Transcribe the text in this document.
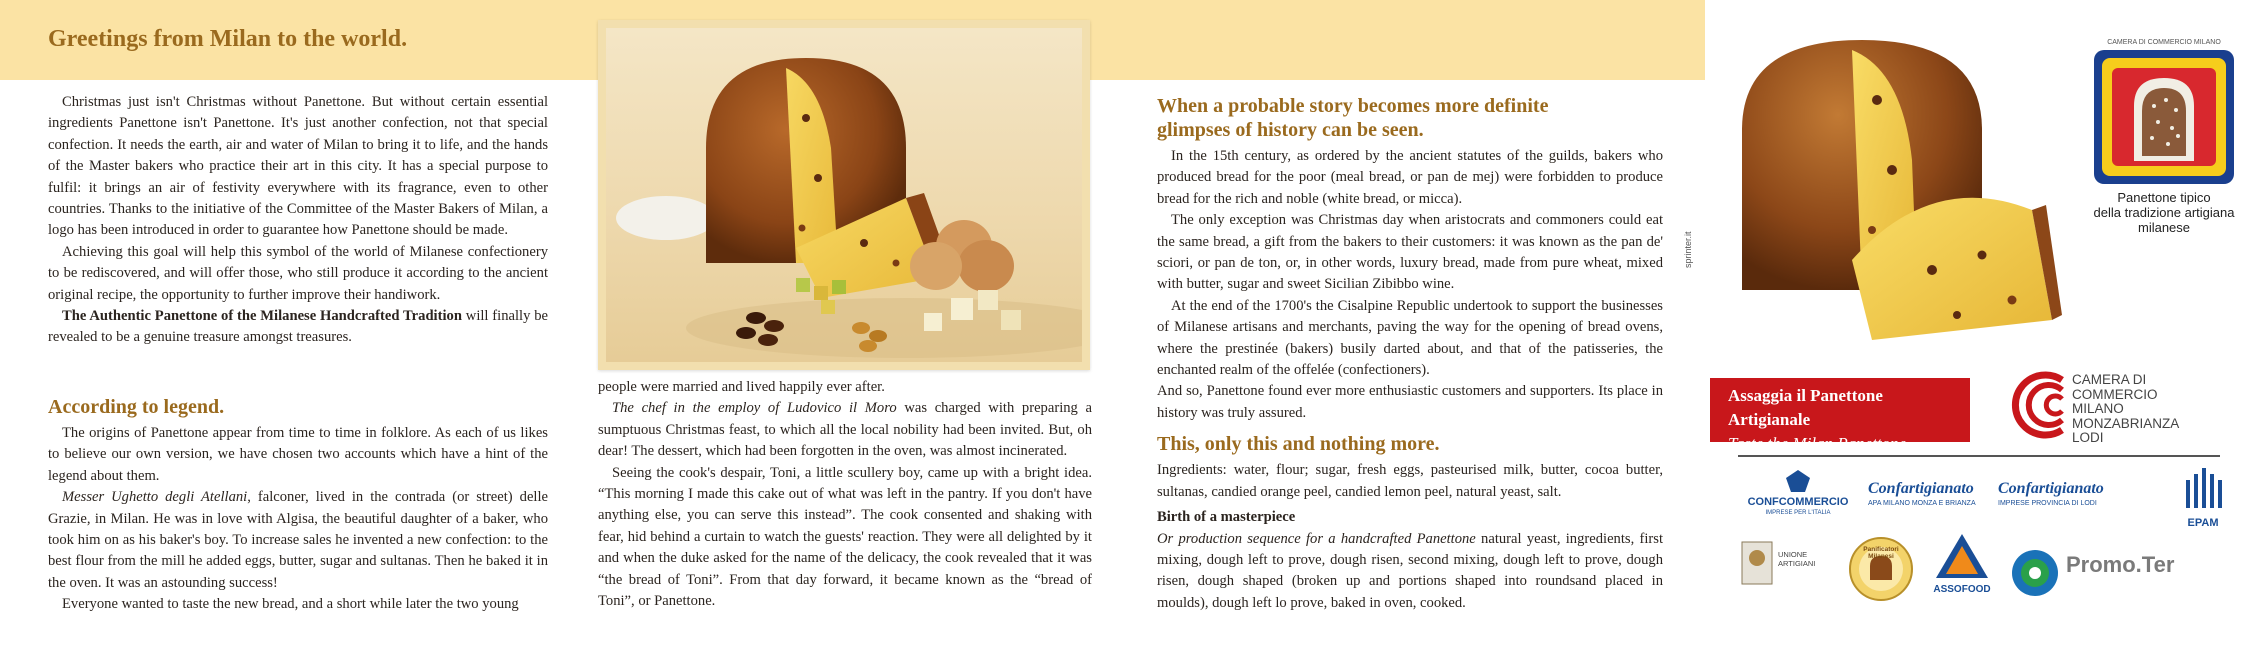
Greetings from Milan to the world.

Christmas just isn't Christmas without Panettone. But without certain essential ingredients Panettone isn't Panettone. It's just another confection, not that special confection. It needs the earth, air and water of Milan to bring it to life, and the hands of the Master bakers who practice their art in this city. It has a special purpose to fulfil: it brings an air of festivity everywhere with its fragrance, even to other countries. Thanks to the initiative of the Committee of the Master Bakers of Milan, a logo has been introduced in order to guarantee how Panettone should be made.

Achieving this goal will help this symbol of the world of Milanese confectionery to be rediscovered, and will offer those, who still produce it according to the ancient original recipe, the opportunity to further improve their handiwork.

The Authentic Panettone of the Milanese Handcrafted Tradition will finally be revealed to be a genuine treasure amongst treasures.

According to legend.

The origins of Panettone appear from time to time in folklore. As each of us likes to believe our own version, we have chosen two accounts which have a hint of the legend about them.

Messer Ughetto degli Atellani, falconer, lived in the contrada (or street) delle Grazie, in Milan. He was in love with Algisa, the beautiful daughter of a baker, who took him on as his baker's boy. To increase sales he invented a new confection: to the best flour from the mill he added eggs, butter, sugar and sultanas. Then he baked it in the oven. It was an astounding success!

Everyone wanted to taste the new bread, and a short while later the two young

people were married and lived happily ever after.

The chef in the employ of Ludovico il Moro was charged with preparing a sumptuous Christmas feast, to which all the local nobility had been invited. But, oh dear! The dessert, which had been forgotten in the oven, was almost incinerated.

Seeing the cook's despair, Toni, a little scullery boy, came up with a bright idea. “This morning I made this cake out of what was left in the pantry. If you don't have anything else, you can serve this instead”. The cook consented and shaking with fear, hid behind a curtain to watch the guests' reaction. They were all delighted by it and when the duke asked for the name of the delicacy, the cook revealed that it was “the bread of Toni”. From that day forward, it became known as the “bread of Toni”, or Panettone.

When a probable story becomes more definite glimpses of history can be seen.

In the 15th century, as ordered by the ancient statutes of the guilds, bakers who produced bread for the poor (meal bread, or pan de mej) were forbidden to produce bread for the rich and noble (white bread, or micca).

The only exception was Christmas day when aristocrats and commoners could eat the same bread, a gift from the bakers to their customers: it was known as the pan de' sciori, or pan de ton, or, in other words, luxury bread, made from pure wheat, mixed with butter, sugar and sweet Sicilian Zibibbo wine.

At the end of the 1700's the Cisalpine Republic undertook to support the businesses of Milanese artisans and merchants, paving the way for the opening of bread ovens, where the prestinée (bakers) busily darted about, and that of the patisseries, the enchanted realm of the offelée (confectioners).

And so, Panettone found ever more enthusiastic customers and supporters. Its place in history was truly assured.

This, only this and nothing more.

Ingredients: water, flour; sugar, fresh eggs, pasteurised milk, butter, cocoa butter, sultanas, candied orange peel, candied lemon peel, natural yeast, salt.

Birth of a masterpiece

Or production sequence for a handcrafted Panettone natural yeast, ingredients, first mixing, dough left to prove, dough risen, second mixing, dough left to prove, dough risen, dough shaped (broken up and portions shaped into roundsand placed in moulds), dough left lo prove, baked in oven, cooked.

sprinter.it
CAMERA DI COMMERCIO MILANO
Panettone tipico
della tradizione artigiana
milanese
Assaggia il Panettone Artigianale
Taste the Milan Panettone
CAMERA DI
COMMERCIO
MILANO
MONZABRIANZA
LODI
CONFCOMMERCIO
IMPRESE PER L'ITALIA
Confartigianato
APA MILANO MONZA E BRIANZA
Confartigianato
IMPRESE PROVINCIA DI LODI
EPAM
UNIONE ARTIGIANI
Panificatori Milanesi
ASSOFOOD
Promo.Ter
